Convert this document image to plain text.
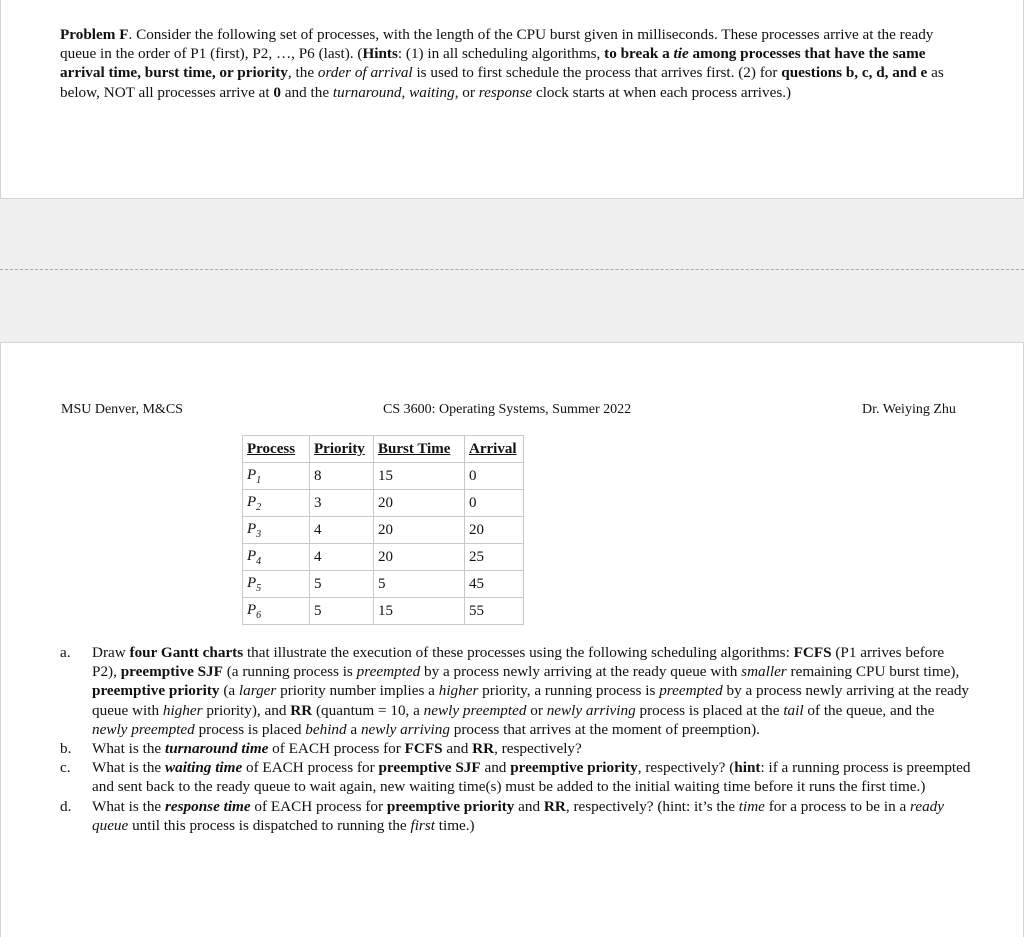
Problem F. Consider the following set of processes, with the length of the CPU burst given in milliseconds. These processes arrive at the ready queue in the order of P1 (first), P2, …, P6 (last). (Hints: (1) in all scheduling algorithms, to break a tie among processes that have the same arrival time, burst time, or priority, the order of arrival is used to first schedule the process that arrives first. (2) for questions b, c, d, and e as below, NOT all processes arrive at 0 and the turnaround, waiting, or response clock starts at when each process arrives.)
MSU Denver, M&CS	CS 3600: Operating Systems, Summer 2022	Dr. Weiying Zhu
Process	Priority	Burst Time	Arrival
$P_1$	8	15	0
$P_2$	3	20	0
$P_3$	4	20	20
$P_4$	4	20	25
$P_5$	5	5	45
$P_6$	5	15	55
a.	Draw four Gantt charts that illustrate the execution of these processes using the following scheduling algorithms: FCFS (P1 arrives before P2), preemptive SJF (a running process is preempted by a process newly arriving at the ready queue with smaller remaining CPU burst time), preemptive priority (a larger priority number implies a higher priority, a running process is preempted by a process newly arriving at the ready queue with higher priority), and RR (quantum = 10, a newly preempted or newly arriving process is placed at the tail of the queue, and the newly preempted process is placed behind a newly arriving process that arrives at the moment of preemption).
b.	What is the turnaround time of EACH process for FCFS and RR, respectively?
c.	What is the waiting time of EACH process for preemptive SJF and preemptive priority, respectively? (hint: if a running process is preempted and sent back to the ready queue to wait again, new waiting time(s) must be added to the initial waiting time before it runs the first time.)
d.	What is the response time of EACH process for preemptive priority and RR, respectively? (hint: it’s the time for a process to be in a ready queue until this process is dispatched to running the first time.)
